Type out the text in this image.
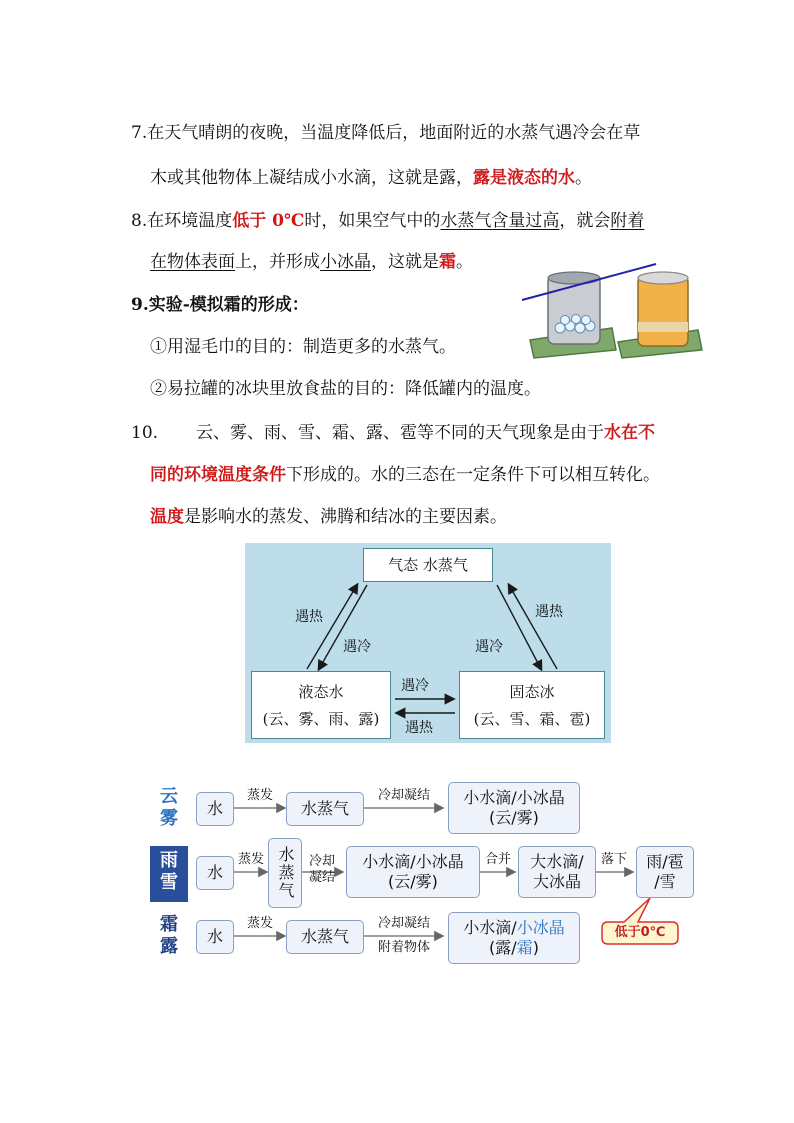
7.在天气晴朗的夜晚，当温度降低后，地面附近的水蒸气遇冷会在草
木或其他物体上凝结成小水滴，这就是露，露是液态的水。
8.在环境温度低于 0℃时，如果空气中的水蒸气含量过高，就会附着
在物体表面上，并形成小冰晶，这就是霜。
9.实验-模拟霜的形成：
①用湿毛巾的目的：制造更多的水蒸气。
②易拉罐的冰块里放食盐的目的：降低罐内的温度。
10. 云、雾、雨、雪、霜、露、雹等不同的天气现象是由于水在不
同的环境温度条件下形成的。水的三态在一定条件下可以相互转化。
温度是影响水的蒸发、沸腾和结冰的主要因素。
气态 水蒸气
液态水
(云、雾、雨、露)
固态冰
(云、雪、霜、雹)
遇热
遇冷
遇热
遇冷
遇冷
遇热
云
雾
雨
雪
霜
露
水
蒸发
水蒸气
冷却凝结	小水滴/小冰晶
(云/雾)
水
蒸发 水蒸气	冷却
凝结
小水滴/小冰晶
(云/雾)
合并	大水滴/
大冰晶
落下	雨/雹
/雪
水
蒸发
水蒸气
冷却凝结
附着物体
小水滴/小冰晶
(露/霜)
低于0℃
